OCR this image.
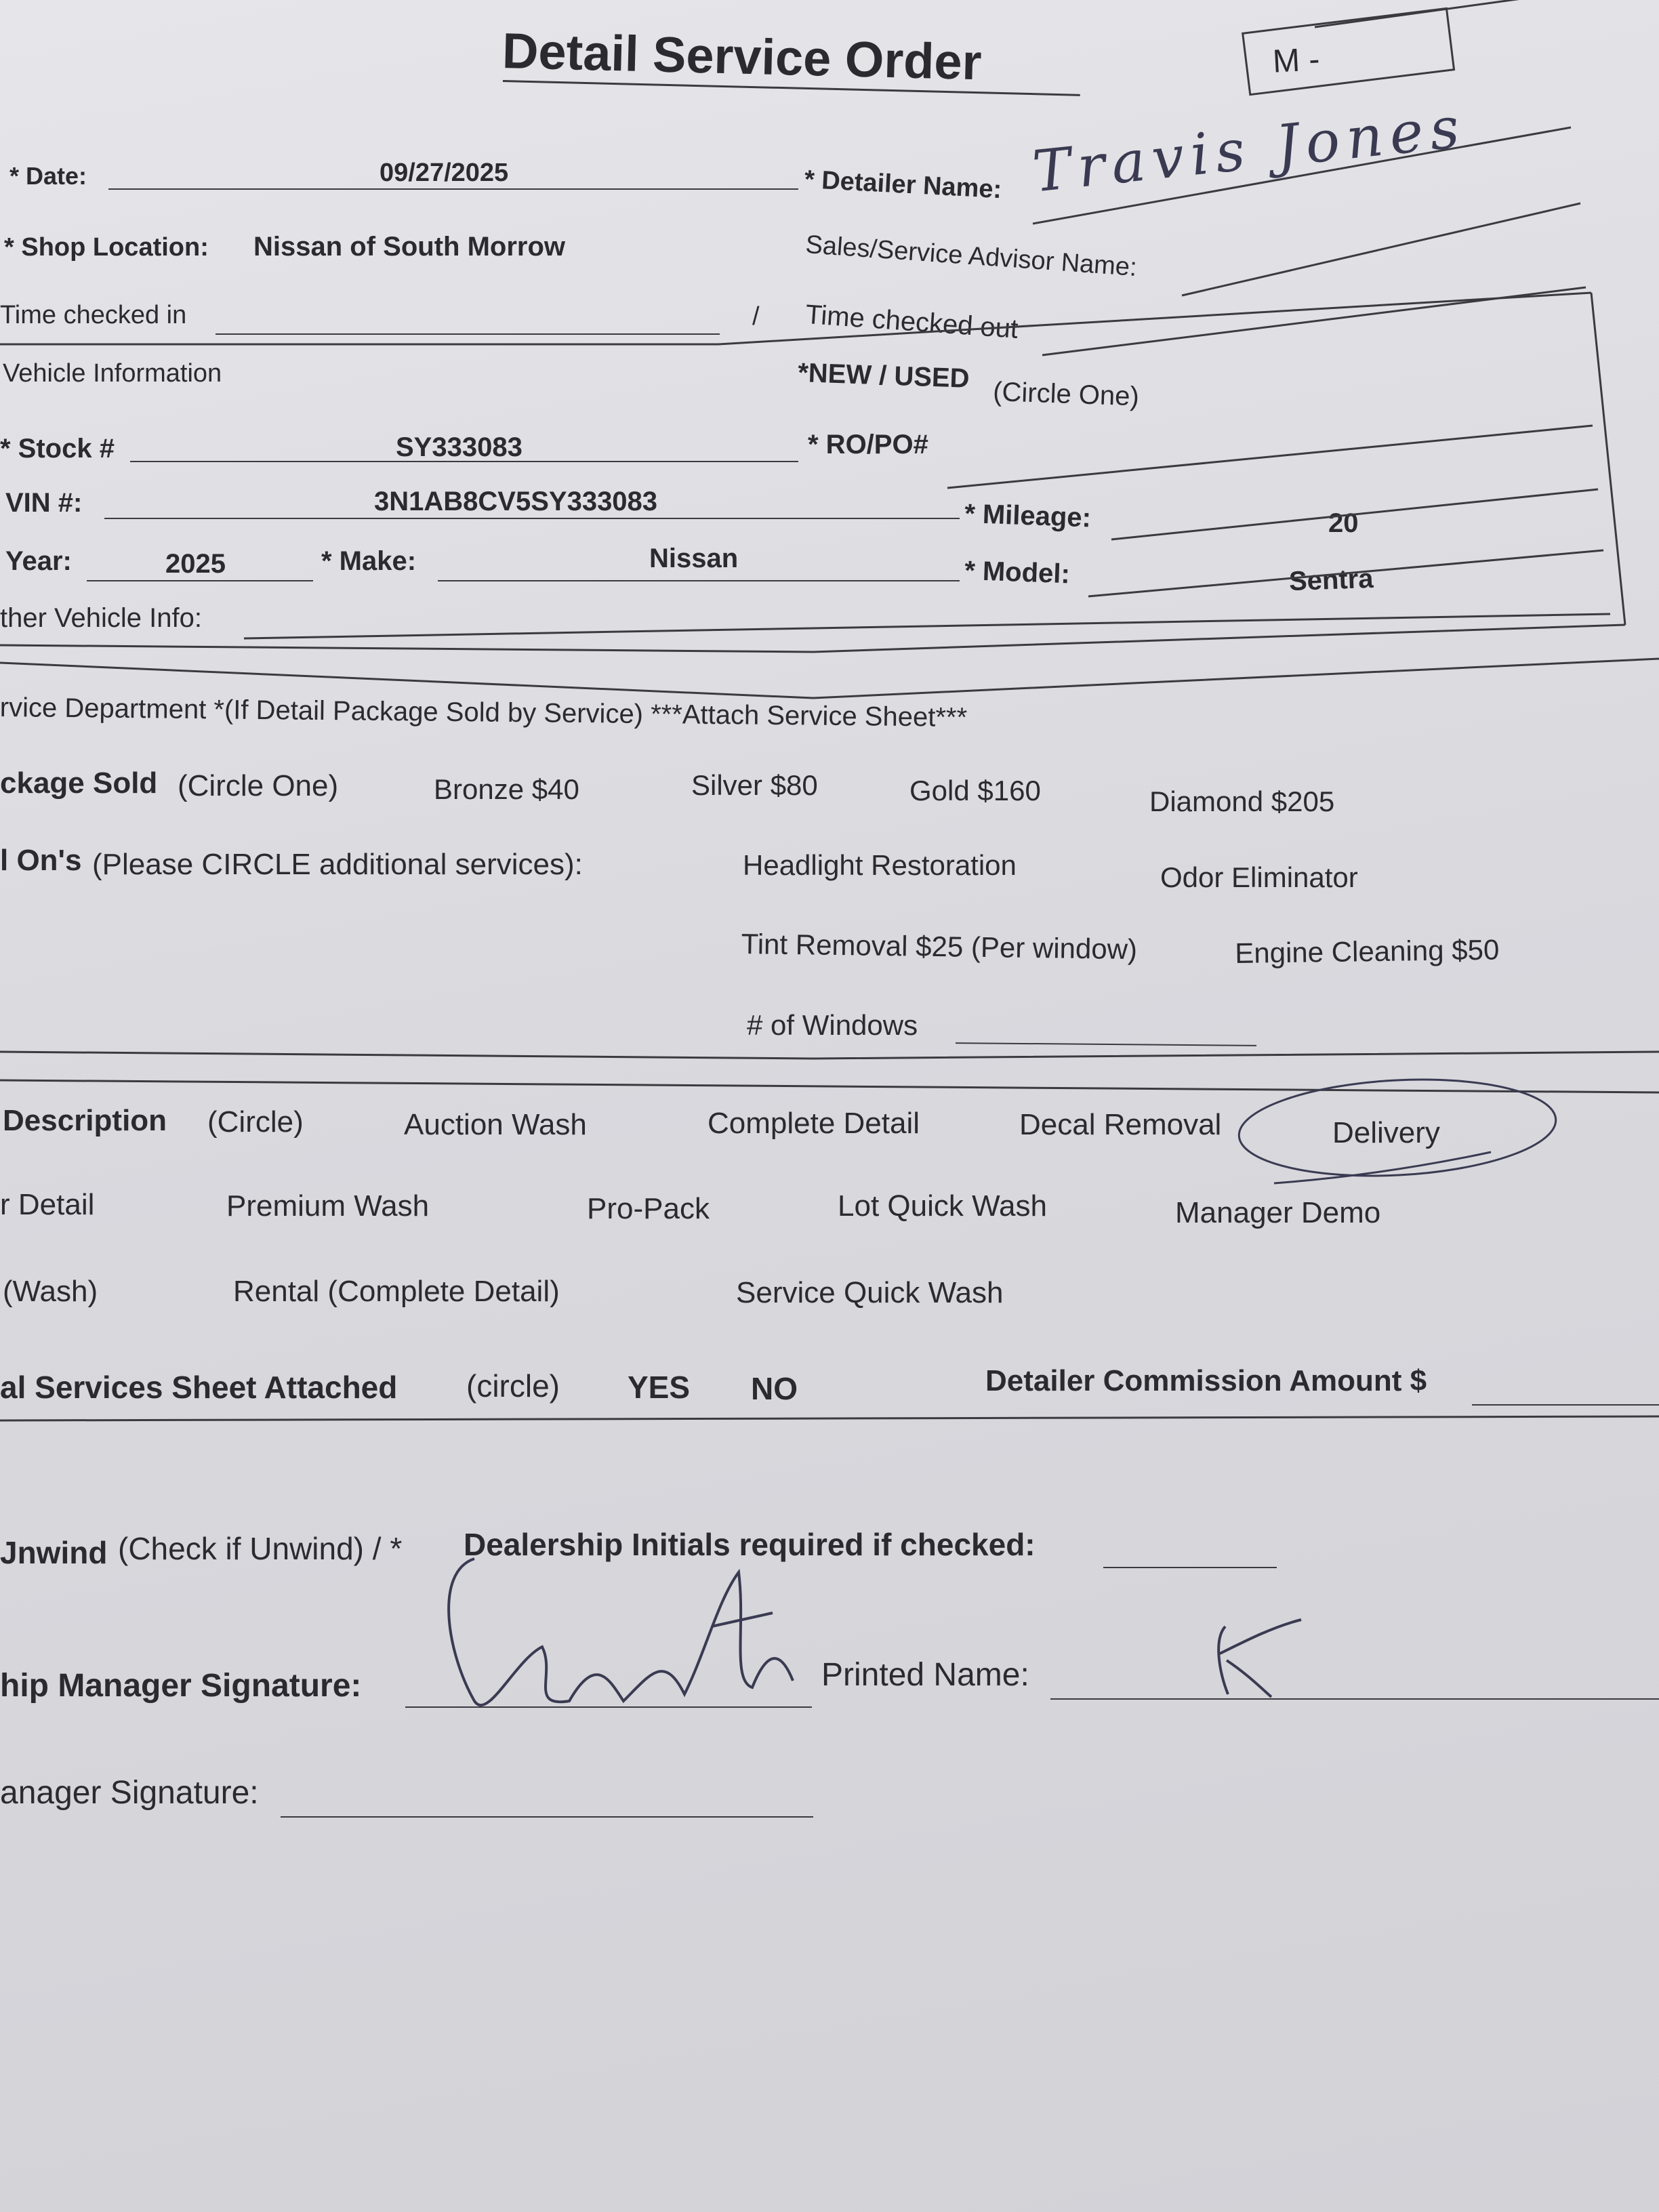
Detail Service Order	M -
* Date:	09/27/2025	* Detailer Name: Travis Jones
* Shop Location: Nissan of South Morrow	Sales/Service Advisor Name:
Time checked in	/ Time checked out
Vehicle Information	*NEW / USED
(Circle One)
* Stock #	SY333083	* RO/PO#
VIN #:	3N1AB8CV5SY333083	* Mileage:	20
Year:	2025	* Make:	Nissan	* Model:	Sentra
ther Vehicle Info:
rvice Department *(If Detail Package Sold by Service) ***Attach Service Sheet***
ckage Sold (Circle One)	Bronze $40	Silver $80	Gold $160	Diamond $205
l On's (Please CIRCLE additional services):	Headlight Restoration	Odor Eliminator
Tint Removal $25 (Per window)	Engine Cleaning $50
# of Windows
Description (Circle)	Auction Wash	Complete Detail	Decal Removal	Delivery
r Detail	Premium Wash	Pro-Pack	Lot Quick Wash	Manager Demo
(Wash)	Rental (Complete Detail)	Service Quick Wash
al Services Sheet Attached (circle) YES NO	Detailer Commission Amount $
Jnwind (Check if Unwind) / * Dealership Initials required if checked:
hip Manager Signature:	Printed Name:
anager Signature:
